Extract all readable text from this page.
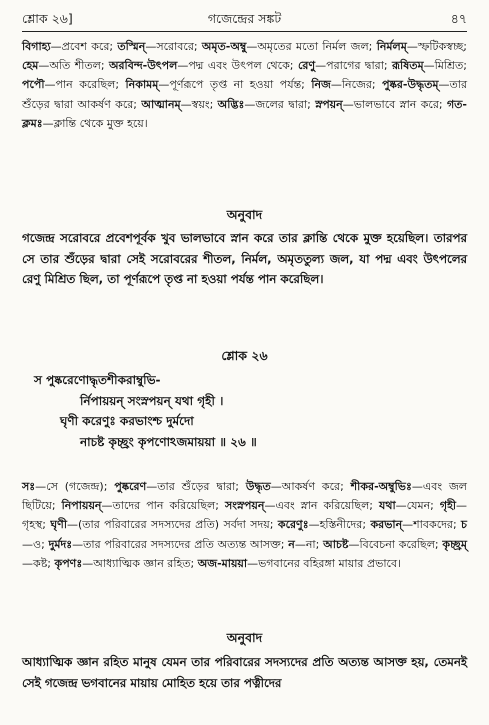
শ্লোক ২৬]	গজেন্দ্রের সঙ্কট	৪৭

বিগাহ্য—প্রবেশ করে; তস্মিন্—সরোবরে; অমৃত-অম্বু—অমৃতের মতো নির্মল জল; নির্মলম্—স্ফটিকস্বচ্ছ; হেম—অতি শীতল; অরবিন্দ-উৎপল—পদ্ম এবং উৎপল থেকে; রেণু—পরাগের দ্বারা; রূষিতম্—মিশ্রিত; পপৌ—পান করেছিল; নিকামম্—পূর্ণরূপে তৃপ্ত না হওয়া পর্যন্ত; নিজ—নিজের; পুষ্কর-উদ্ধৃতম্—তার শুঁড়ের দ্বারা আকর্ষণ করে; আত্মানম্—স্বয়ং; অদ্ভিঃ—জলের দ্বারা; স্নপয়ন্—ভালভাবে স্নান করে; গত-ক্লমঃ—ক্লান্তি থেকে মুক্ত হয়ে।

অনুবাদ

গজেন্দ্র সরোবরে প্রবেশপূর্বক খুব ভালভাবে স্নান করে তার ক্লান্তি থেকে মুক্ত হয়েছিল। তারপর সে তার শুঁড়ের দ্বারা সেই সরোবরের শীতল, নির্মল, অমৃততুল্য জল, যা পদ্ম এবং উৎপলের রেণু মিশ্রিত ছিল, তা পূর্ণরূপে তৃপ্ত না হওয়া পর্যন্ত পান করেছিল।

শ্লোক ২৬
স পুষ্করেণোদ্ধৃতশীকরাম্বুভি-
র্নিপায়য়ন্ সংস্নপয়ন্ যথা গৃহী ।
ঘৃণী করেণুঃ করভাংশ্চ দুর্মদো
নাচষ্ট কৃচ্ছ্রং কৃপণোঽজমায়য়া ॥ ২৬ ॥

সঃ—সে (গজেন্দ্র); পুষ্করেণ—তার শুঁড়ের দ্বারা; উদ্ধৃত—আকর্ষণ করে; শীকর-অম্বুভিঃ—এবং জল ছিটিয়ে; নিপায়য়ন্—তাদের পান করিয়েছিল; সংস্নপয়ন্—এবং স্নান করিয়েছিল; যথা—যেমন; গৃহী—গৃহস্থ; ঘৃণী—(তার পরিবারের সদস্যদের প্রতি) সর্বদা সদয়; করেণুঃ—হস্তিনীদের; করভান্—শাবকদের; চ—ও; দুর্মদঃ—তার পরিবারের সদস্যদের প্রতি অত্যন্ত আসক্ত; ন—না; আচষ্ট—বিবেচনা করেছিল; কৃচ্ছ্রম্—কষ্ট; কৃপণঃ—আধ্যাত্মিক জ্ঞান রহিত; অজ-মায়য়া—ভগবানের বহিরঙ্গা মায়ার প্রভাবে।

অনুবাদ

আধ্যাত্মিক জ্ঞান রহিত মানুষ যেমন তার পরিবারের সদস্যদের প্রতি অত্যন্ত আসক্ত হয়, তেমনই সেই গজেন্দ্র ভগবানের মায়ায় মোহিত হয়ে তার পত্নীদের
